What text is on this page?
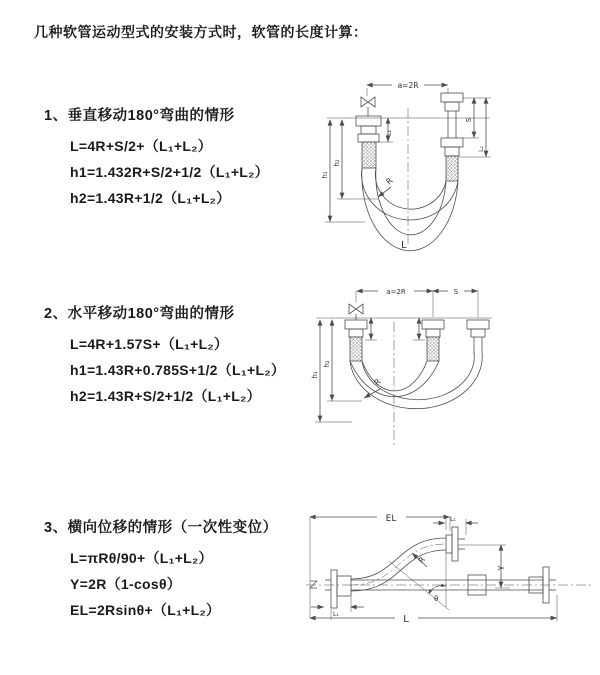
几种软管运动型式的安装方式时，软管的长度计算：
1、垂直移动180°弯曲的情形
L=4R+S/2+（L₁+L₂）
h1=1.432R+S/2+1/2（L₁+L₂）
h2=1.43R+1/2（L₁+L₂）
2、水平移动180°弯曲的情形
L=4R+1.57S+（L₁+L₂）
h1=1.43R+0.785S+1/2（L₁+L₂）
h2=1.43R+S/2+1/2（L₁+L₂）
3、横向位移的情形（一次性变位）
L=πRθ/90+（L₁+L₂）
Y=2R（1-cosθ）
EL=2Rsinθ+（L₁+L₂）
a=2R
R
L
h₁
h₂
L₁
S
L₂
a=2R	S
R
h₁
h₂
EL	L₁
θ
R
Y
L
L₁
